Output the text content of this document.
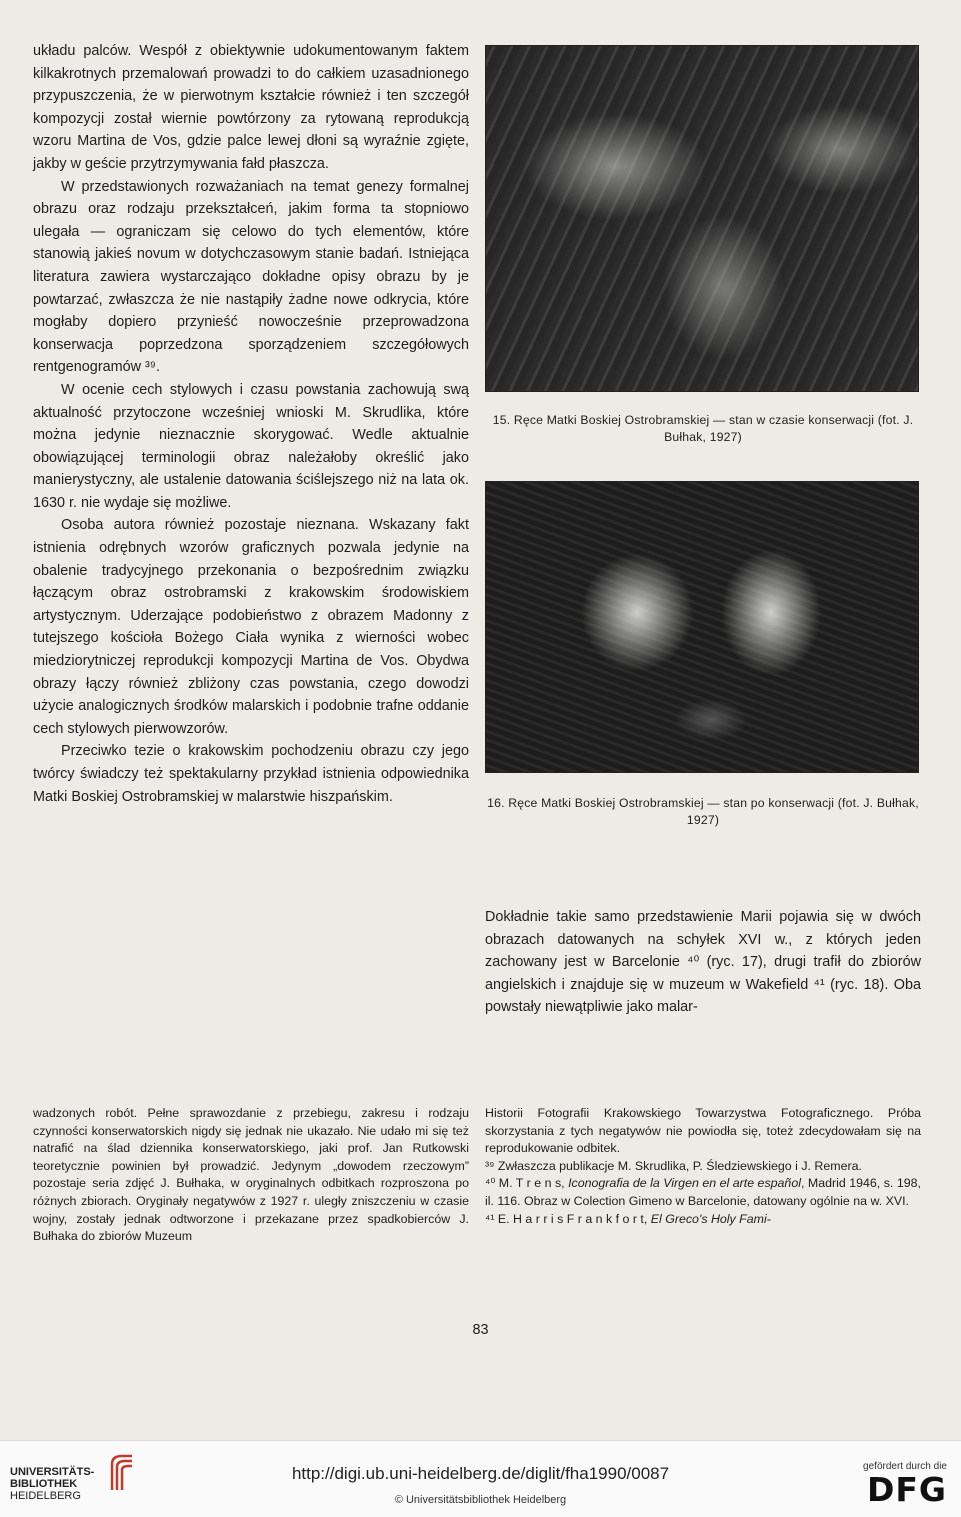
układu palców. Wespół z obiektywnie udokumentowanym faktem kilkakrotnych przemalowań prowadzi to do całkiem uzasadnionego przypuszczenia, że w pierwotnym kształcie również i ten szczegół kompozycji został wiernie powtórzony za rytowaną reprodukcją wzoru Martina de Vos, gdzie palce lewej dłoni są wyraźnie zgięte, jakby w geście przytrzymywania fałd płaszcza.

W przedstawionych rozważaniach na temat genezy formalnej obrazu oraz rodzaju przekształceń, jakim forma ta stopniowo ulegała — ograniczam się celowo do tych elementów, które stanowią jakieś novum w dotychczasowym stanie badań. Istniejąca literatura zawiera wystarczająco dokładne opisy obrazu by je powtarzać, zwłaszcza że nie nastąpiły żadne nowe odkrycia, które mogłaby dopiero przynieść nowocześnie przeprowadzona konserwacja poprzedzona sporządzeniem szczegółowych rentgenogramów ³⁹.

W ocenie cech stylowych i czasu powstania zachowują swą aktualność przytoczone wcześniej wnioski M. Skrudlika, które można jedynie nieznacznie skorygować. Wedle aktualnie obowiązującej terminologii obraz należałoby określić jako manierystyczny, ale ustalenie datowania ściślejszego niż na lata ok. 1630 r. nie wydaje się możliwe.

Osoba autora również pozostaje nieznana. Wskazany fakt istnienia odrębnych wzorów graficznych pozwala jedynie na obalenie tradycyjnego przekonania o bezpośrednim związku łączącym obraz ostrobramski z krakowskim środowiskiem artystycznym. Uderzające podobieństwo z obrazem Madonny z tutejszego kościoła Bożego Ciała wynika z wierności wobec miedziorytniczej reprodukcji kompozycji Martina de Vos. Obydwa obrazy łączy również zbliżony czas powstania, czego dowodzi użycie analogicznych środków malarskich i podobnie trafne oddanie cech stylowych pierwowzorów.

Przeciwko tezie o krakowskim pochodzeniu obrazu czy jego twórcy świadczy też spektakularny przykład istnienia odpowiednika Matki Boskiej Ostrobramskiej w malarstwie hiszpańskim.

15. Ręce Matki Boskiej Ostrobramskiej — stan w czasie konserwacji (fot. J. Bułhak, 1927)
16. Ręce Matki Boskiej Ostrobramskiej — stan po konserwacji (fot. J. Bułhak, 1927)

Dokładnie takie samo przedstawienie Marii pojawia się w dwóch obrazach datowanych na schyłek XVI w., z których jeden zachowany jest w Barcelonie ⁴⁰ (ryc. 17), drugi trafił do zbiorów angielskich i znajduje się w muzeum w Wakefield ⁴¹ (ryc. 18). Oba powstały niewątpliwie jako malar-

wadzonych robót. Pełne sprawozdanie z przebiegu, zakresu i rodzaju czynności konserwatorskich nigdy się jednak nie ukazało. Nie udało mi się też natrafić na ślad dziennika konserwatorskiego, jaki prof. Jan Rutkowski teoretycznie powinien był prowadzić. Jedynym „dowodem rzeczowym” pozostaje seria zdjęć J. Bułhaka, w oryginalnych odbitkach rozproszona po różnych zbiorach. Oryginały negatywów z 1927 r. uległy zniszczeniu w czasie wojny, zostały jednak odtworzone i przekazane przez spadkobierców J. Bułhaka do zbiorów Muzeum

Historii Fotografii Krakowskiego Towarzystwa Fotograficznego. Próba skorzystania z tych negatywów nie powiodła się, toteż zdecydowałam się na reprodukowanie odbitek.

³⁹ Zwłaszcza publikacje M. Skrudlika, P. Śledziewskiego i J. Remera.

⁴⁰ M. T r e n s, Iconografia de la Virgen en el arte español, Madrid 1946, s. 198, il. 116. Obraz w Colection Gimeno w Barcelonie, datowany ogólnie na w. XVI.

⁴¹ E. H a r r i s F r a n k f o r t, El Greco's Holy Fami-

83
UNIVERSITÄTS-
BIBLIOTHEK
HEIDELBERG
http://digi.ub.uni-heidelberg.de/diglit/fha1990/0087
© Universitätsbibliothek Heidelberg
gefördert durch die
DFG
